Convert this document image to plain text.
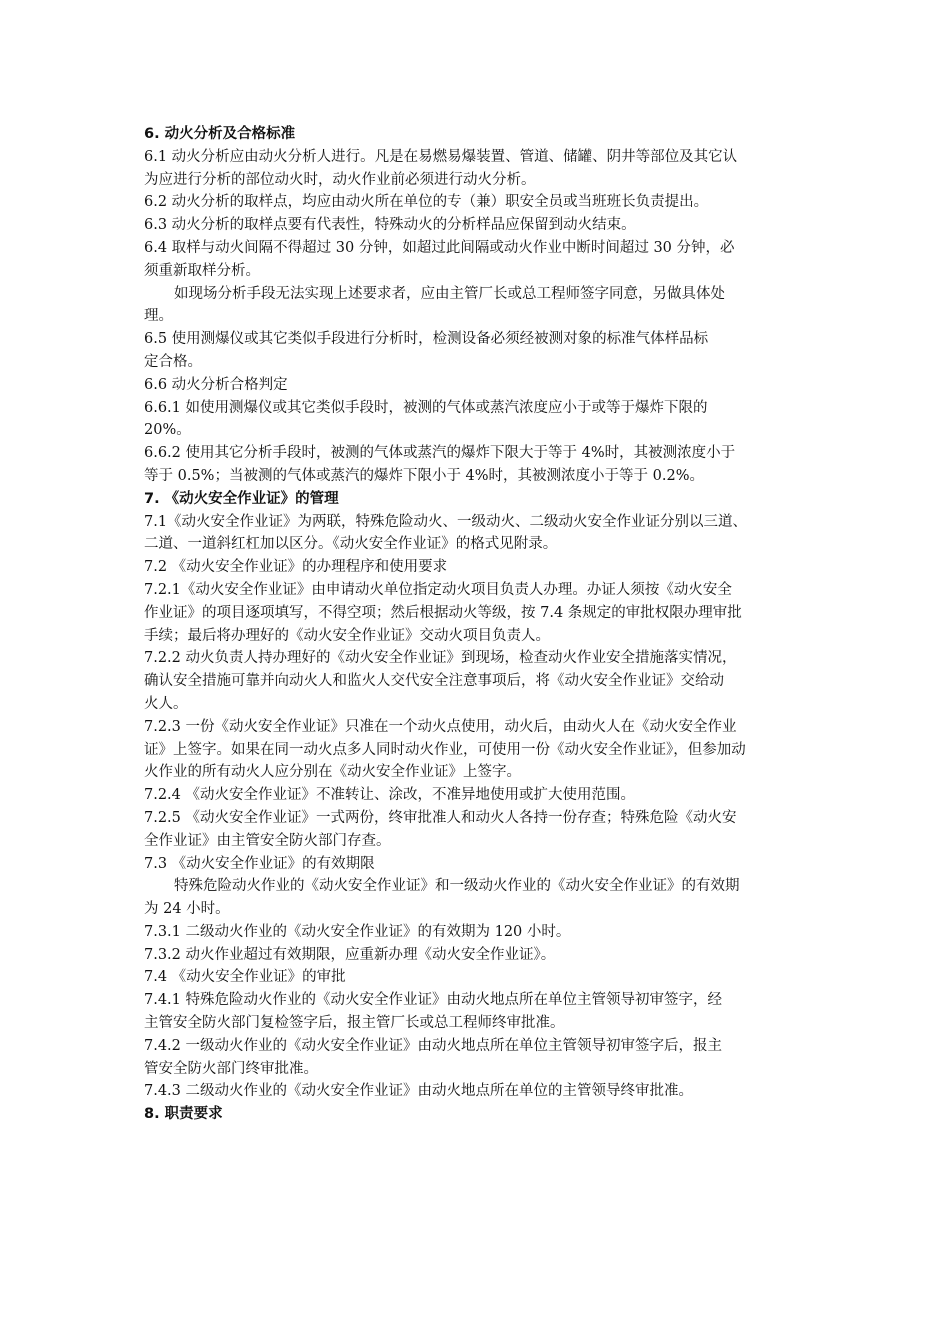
6. 动火分析及合格标准
6.1 动火分析应由动火分析人进行。凡是在易燃易爆装置、管道、储罐、阴井等部位及其它认
为应进行分析的部位动火时，动火作业前必须进行动火分析。
6.2 动火分析的取样点，均应由动火所在单位的专（兼）职安全员或当班班长负责提出。
6.3 动火分析的取样点要有代表性，特殊动火的分析样品应保留到动火结束。
6.4 取样与动火间隔不得超过 30 分钟，如超过此间隔或动火作业中断时间超过 30 分钟，必
须重新取样分析。
如现场分析手段无法实现上述要求者，应由主管厂长或总工程师签字同意，另做具体处
理。
6.5 使用测爆仪或其它类似手段进行分析时，检测设备必须经被测对象的标准气体样品标
定合格。
6.6 动火分析合格判定
6.6.1 如使用测爆仪或其它类似手段时，被测的气体或蒸汽浓度应小于或等于爆炸下限的
20%。
6.6.2 使用其它分析手段时，被测的气体或蒸汽的爆炸下限大于等于 4%时，其被测浓度小于
等于 0.5%；当被测的气体或蒸汽的爆炸下限小于 4%时，其被测浓度小于等于 0.2%。
7. 《动火安全作业证》的管理
7.1《动火安全作业证》为两联，特殊危险动火、一级动火、二级动火安全作业证分别以三道、
二道、一道斜红杠加以区分。《动火安全作业证》的格式见附录。
7.2 《动火安全作业证》的办理程序和使用要求
7.2.1《动火安全作业证》由申请动火单位指定动火项目负责人办理。办证人须按《动火安全
作业证》的项目逐项填写，不得空项；然后根据动火等级，按 7.4 条规定的审批权限办理审批
手续；最后将办理好的《动火安全作业证》交动火项目负责人。
7.2.2 动火负责人持办理好的《动火安全作业证》到现场，检查动火作业安全措施落实情况，
确认安全措施可靠并向动火人和监火人交代安全注意事项后，将《动火安全作业证》交给动
火人。
7.2.3 一份《动火安全作业证》只准在一个动火点使用，动火后，由动火人在《动火安全作业
证》上签字。如果在同一动火点多人同时动火作业，可使用一份《动火安全作业证》，但参加动
火作业的所有动火人应分别在《动火安全作业证》上签字。
7.2.4 《动火安全作业证》不准转让、涂改，不准异地使用或扩大使用范围。
7.2.5 《动火安全作业证》一式两份，终审批准人和动火人各持一份存查；特殊危险《动火安
全作业证》由主管安全防火部门存查。
7.3 《动火安全作业证》的有效期限
特殊危险动火作业的《动火安全作业证》和一级动火作业的《动火安全作业证》的有效期
为 24 小时。
7.3.1 二级动火作业的《动火安全作业证》的有效期为 120 小时。
7.3.2 动火作业超过有效期限，应重新办理《动火安全作业证》。
7.4 《动火安全作业证》的审批
7.4.1 特殊危险动火作业的《动火安全作业证》由动火地点所在单位主管领导初审签字，经
主管安全防火部门复检签字后，报主管厂长或总工程师终审批准。
7.4.2 一级动火作业的《动火安全作业证》由动火地点所在单位主管领导初审签字后，报主
管安全防火部门终审批准。
7.4.3 二级动火作业的《动火安全作业证》由动火地点所在单位的主管领导终审批准。
8. 职责要求
